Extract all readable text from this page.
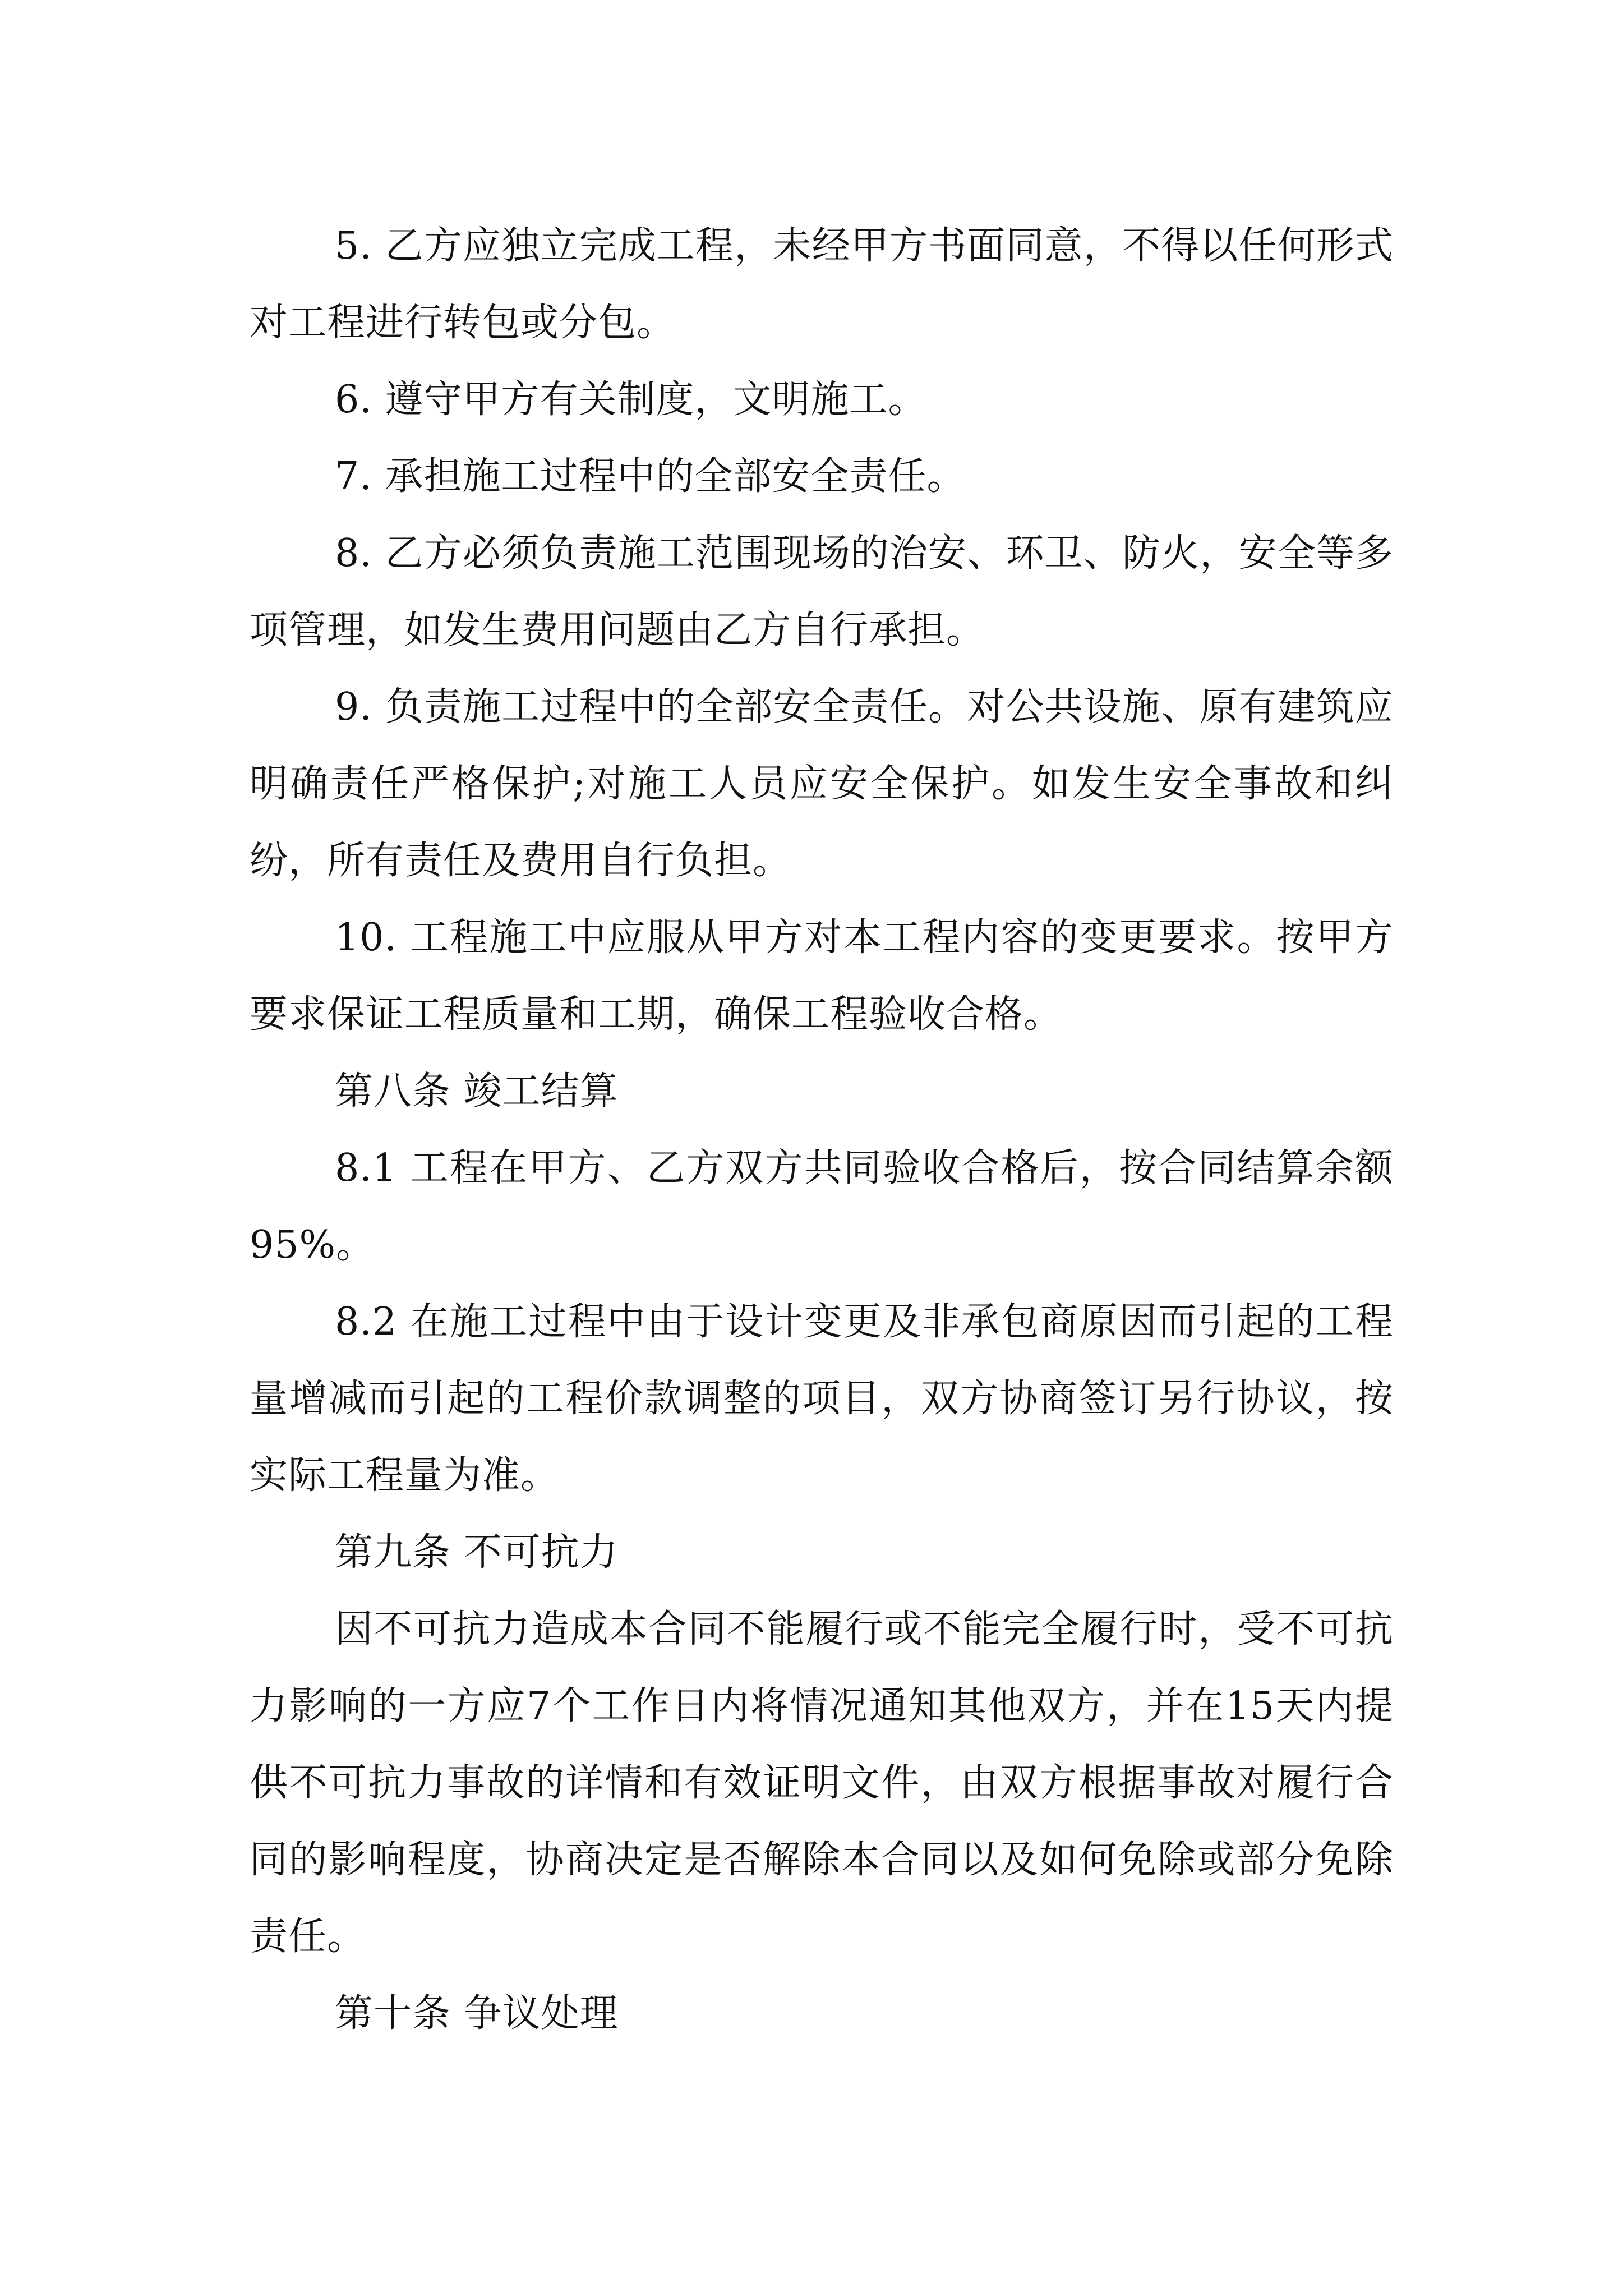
5. 乙方应独立完成工程，未经甲方书面同意，不得以任何形式对工程进行转包或分包。

6. 遵守甲方有关制度，文明施工。

7. 承担施工过程中的全部安全责任。

8. 乙方必须负责施工范围现场的治安、环卫、防火，安全等多项管理，如发生费用问题由乙方自行承担。

9. 负责施工过程中的全部安全责任。对公共设施、原有建筑应明确责任严格保护;对施工人员应安全保护。如发生安全事故和纠纷，所有责任及费用自行负担。

10. 工程施工中应服从甲方对本工程内容的变更要求。按甲方要求保证工程质量和工期，确保工程验收合格。

第八条 竣工结算

8.1 工程在甲方、乙方双方共同验收合格后，按合同结算余额95%。

8.2 在施工过程中由于设计变更及非承包商原因而引起的工程量增减而引起的工程价款调整的项目，双方协商签订另行协议，按实际工程量为准。

第九条 不可抗力

因不可抗力造成本合同不能履行或不能完全履行时，受不可抗力影响的一方应7个工作日内将情况通知其他双方，并在15天内提供不可抗力事故的详情和有效证明文件，由双方根据事故对履行合同的影响程度，协商决定是否解除本合同以及如何免除或部分免除责任。

第十条 争议处理
